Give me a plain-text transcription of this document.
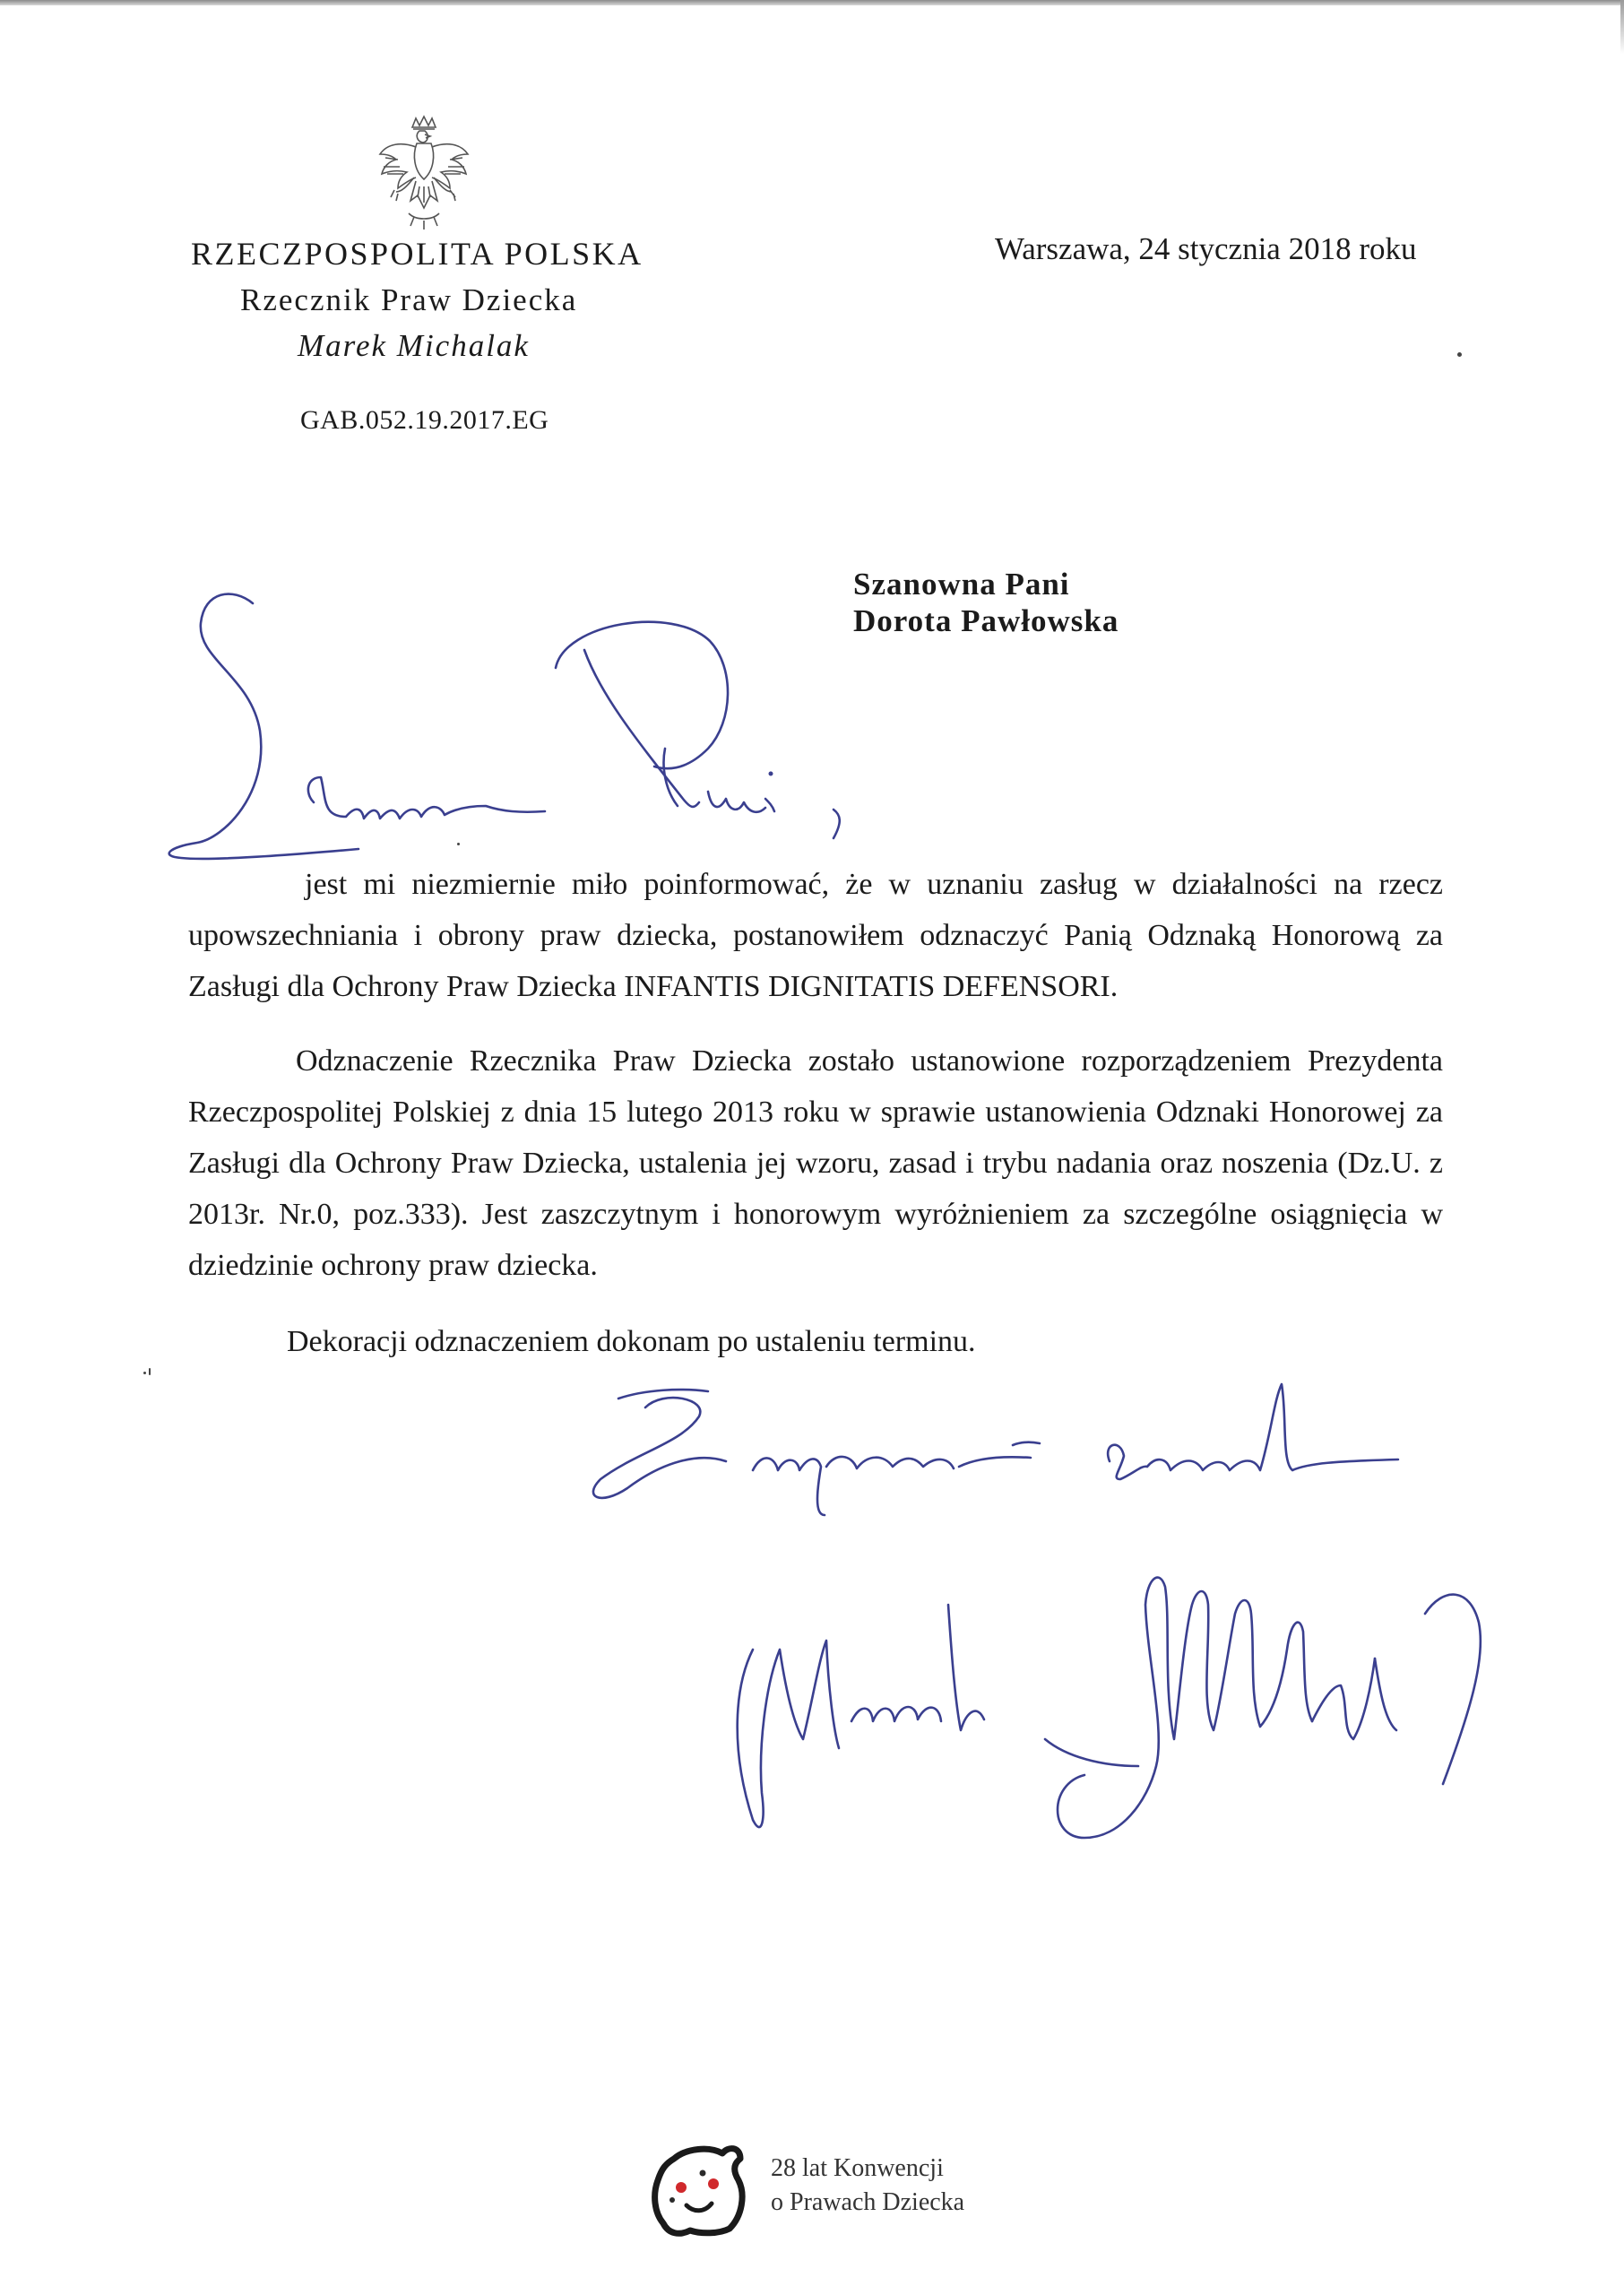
RZECZPOSPOLITA POLSKA
Rzecznik Praw Dziecka
Marek Michalak
GAB.052.19.2017.EG
Warszawa, 24 stycznia 2018 roku
Szanowna Pani
Dorota Pawłowska
jest mi niezmiernie miło poinformować, że w uznaniu zasług w działalności na rzecz upowszechniania i obrony praw dziecka, postanowiłem odznaczyć Panią Odznaką Honorową za Zasługi dla Ochrony Praw Dziecka INFANTIS DIGNITATIS DEFENSORI.
Odznaczenie Rzecznika Praw Dziecka zostało ustanowione rozporządzeniem Prezydenta Rzeczpospolitej Polskiej z dnia 15 lutego 2013 roku w sprawie ustanowienia Odznaki Honorowej za Zasługi dla Ochrony Praw Dziecka, ustalenia jej wzoru, zasad i trybu nadania oraz noszenia (Dz.U. z 2013r. Nr.0, poz.333). Jest zaszczytnym i honorowym wyróżnieniem za szczególne osiągnięcia w dziedzinie ochrony praw dziecka.
Dekoracji odznaczeniem dokonam po ustaleniu terminu.
28 lat Konwencji
o Prawach Dziecka
